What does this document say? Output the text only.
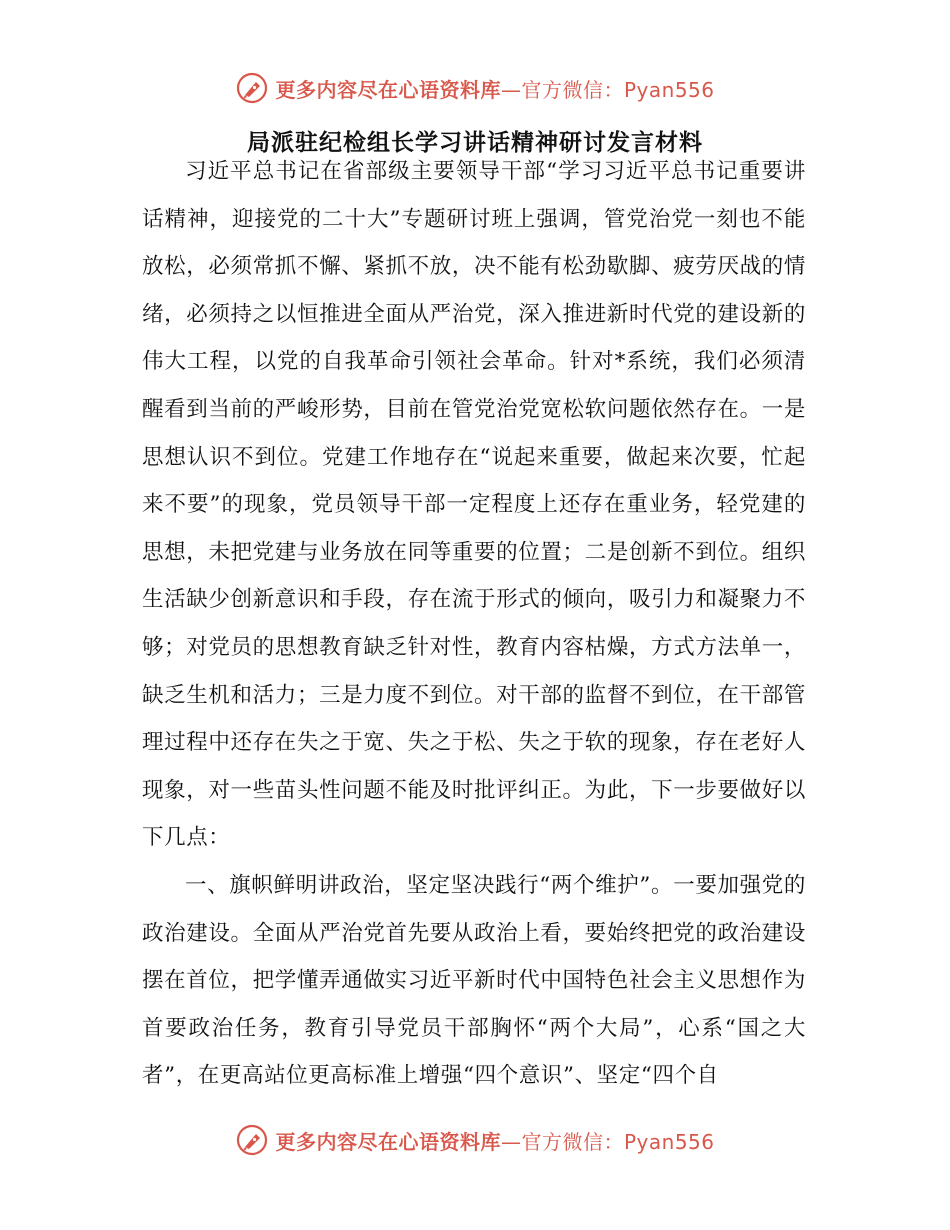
更多内容尽在心语资料库—官方微信：Pyan556
局派驻纪检组长学习讲话精神研讨发言材料

习近平总书记在省部级主要领导干部“学习习近平总书记重要讲话精神，迎接党的二十大”专题研讨班上强调，管党治党一刻也不能放松，必须常抓不懈、紧抓不放，决不能有松劲歇脚、疲劳厌战的情绪，必须持之以恒推进全面从严治党，深入推进新时代党的建设新的伟大工程，以党的自我革命引领社会革命。针对*系统，我们必须清醒看到当前的严峻形势，目前在管党治党宽松软问题依然存在。一是思想认识不到位。党建工作地存在“说起来重要，做起来次要，忙起来不要”的现象，党员领导干部一定程度上还存在重业务，轻党建的思想，未把党建与业务放在同等重要的位置；二是创新不到位。组织生活缺少创新意识和手段，存在流于形式的倾向，吸引力和凝聚力不够；对党员的思想教育缺乏针对性，教育内容枯燥，方式方法单一，缺乏生机和活力；三是力度不到位。对干部的监督不到位，在干部管理过程中还存在失之于宽、失之于松、失之于软的现象，存在老好人现象，对一些苗头性问题不能及时批评纠正。为此，下一步要做好以下几点：

一、旗帜鲜明讲政治，坚定坚决践行“两个维护”。一要加强党的政治建设。全面从严治党首先要从政治上看，要始终把党的政治建设摆在首位，把学懂弄通做实习近平新时代中国特色社会主义思想作为首要政治任务，教育引导党员干部胸怀“两个大局”，心系“国之大者”，在更高站位更高标准上增强“四个意识”、坚定“四个自

更多内容尽在心语资料库—官方微信：Pyan556
